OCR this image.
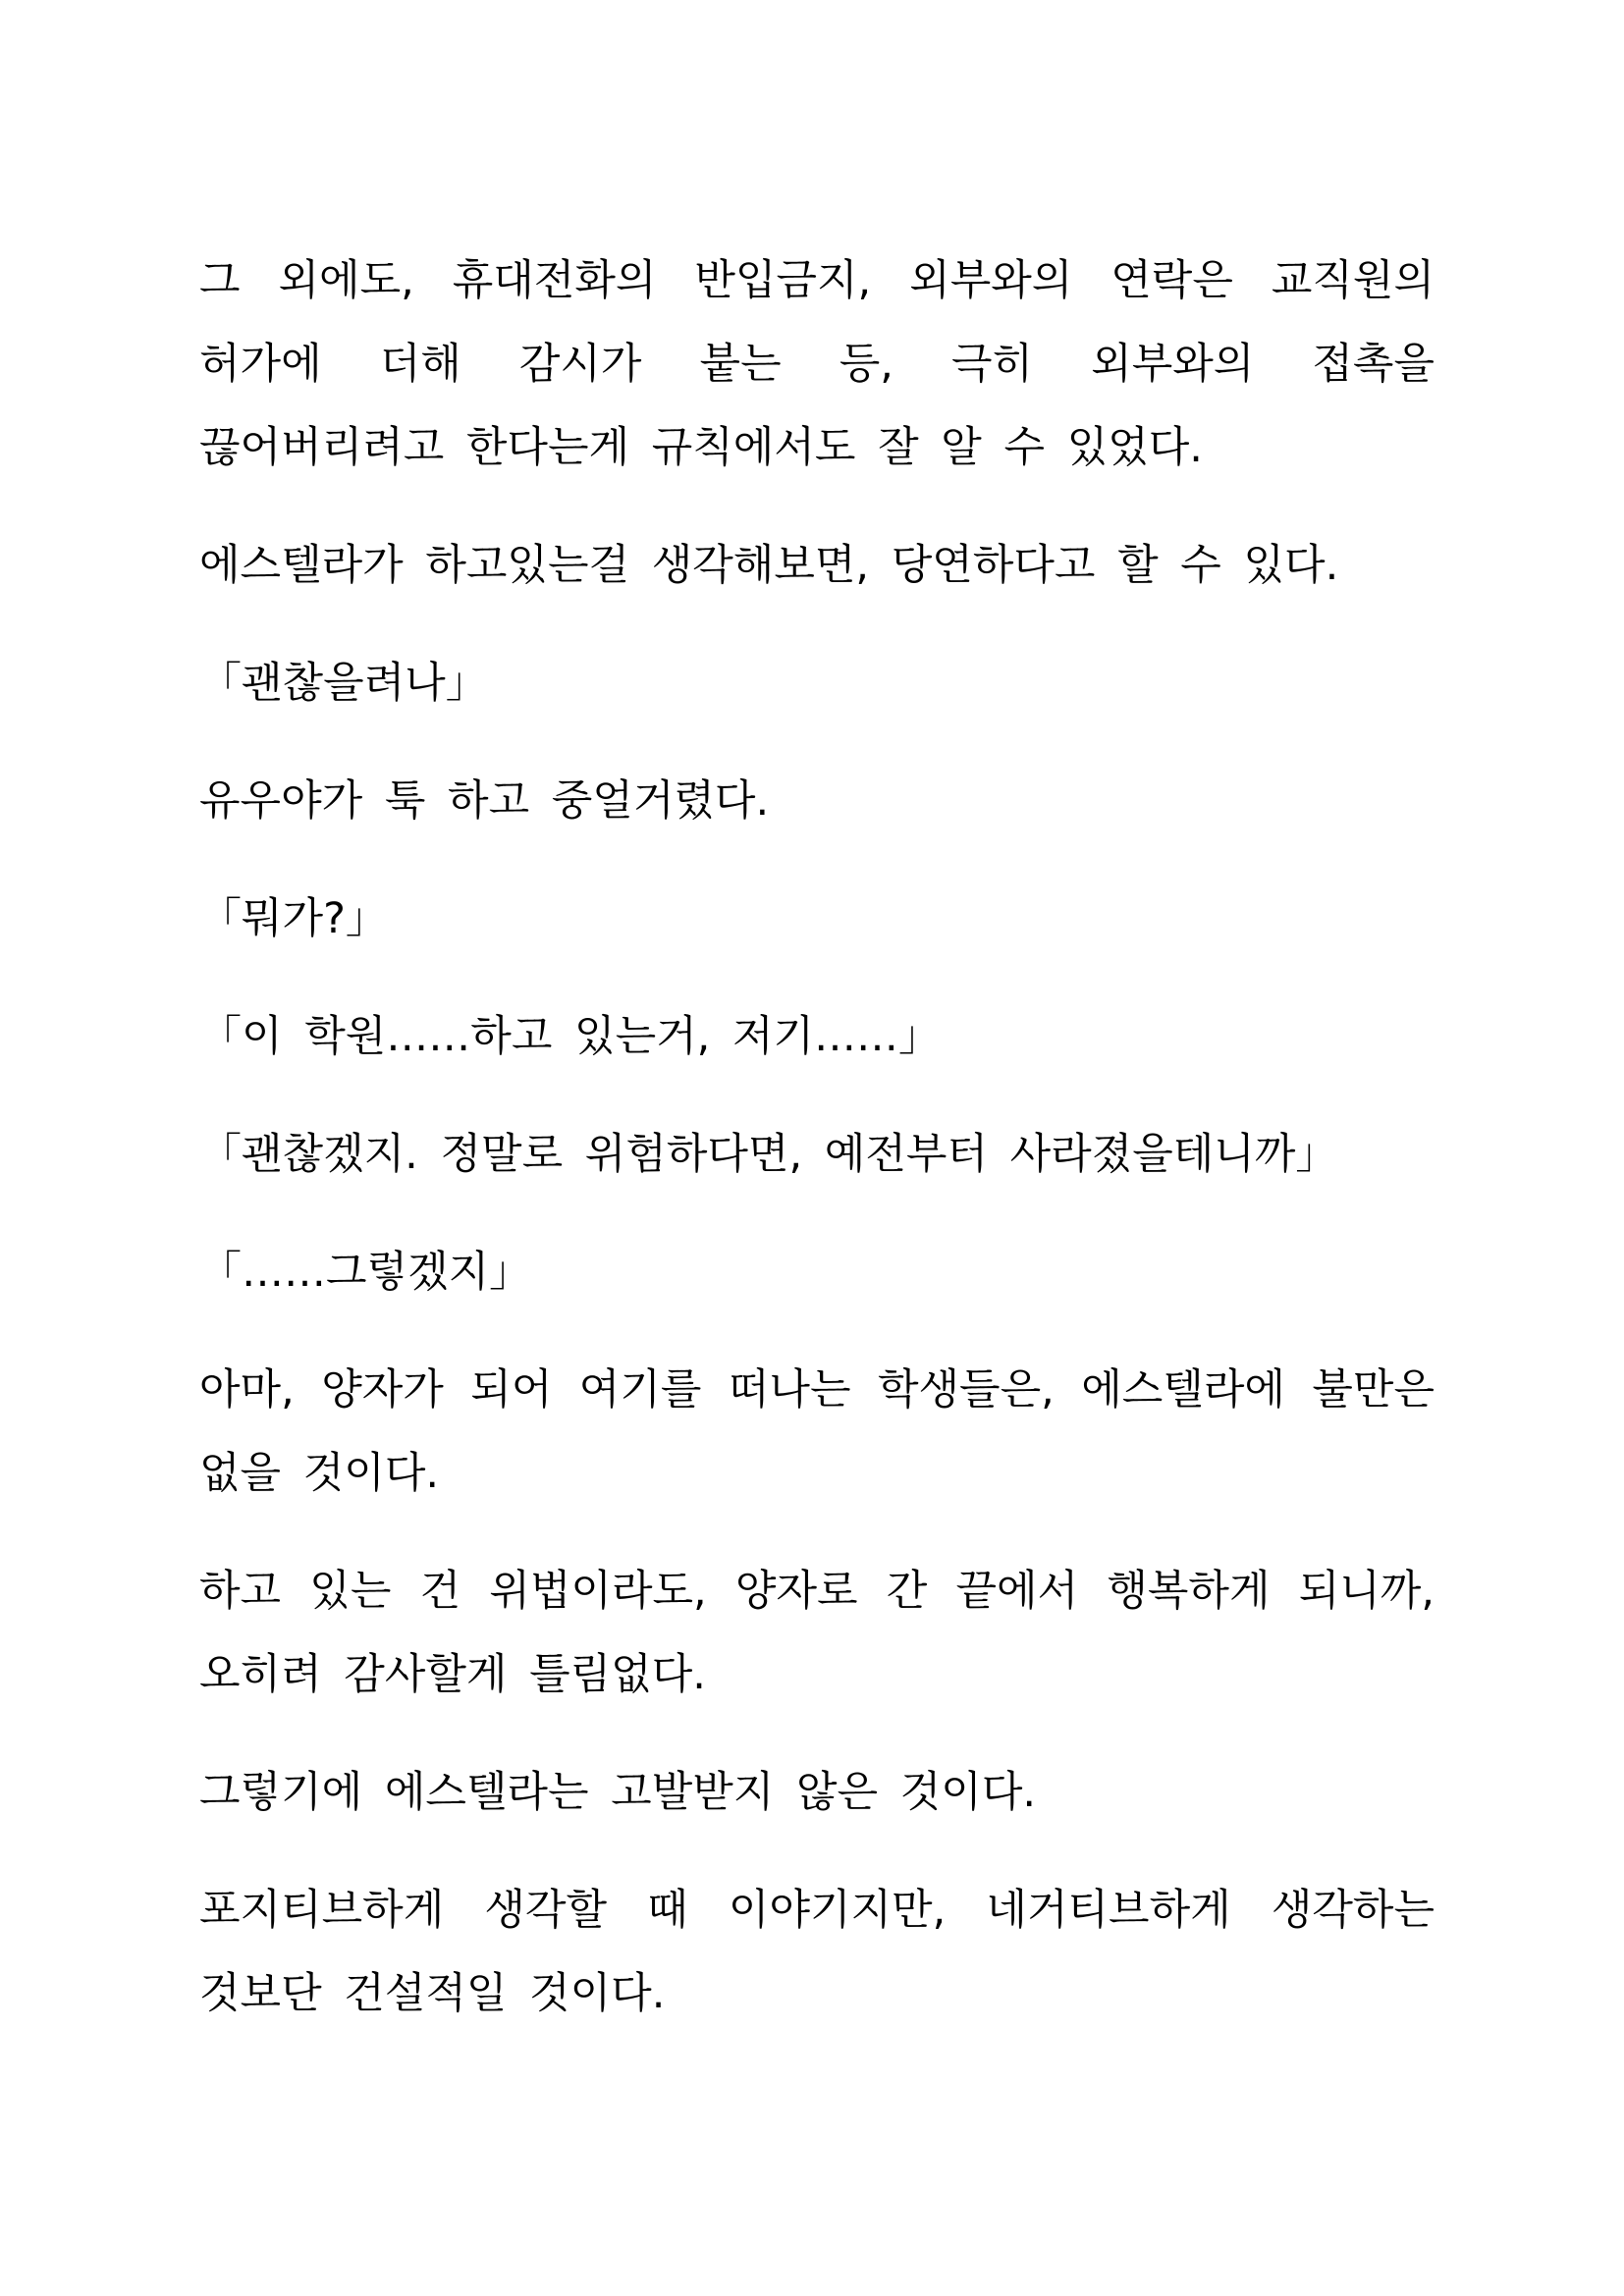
그 외에도, 휴대전화의 반입금지, 외부와의 연락은 교직원의 허가에 더해 감시가 붙는 등, 극히 외부와의 접촉을 끊어버리려고 한다는게 규칙에서도 잘 알 수 있었다.

에스텔라가 하고있는걸 생각해보면, 당연하다고 할 수 있다.

「괜찮을려나」

유우야가 툭 하고 중얼거렸다.

「뭐가?」

「이 학원……하고 있는거, 저기……」

「괜찮겠지. 정말로 위험하다면, 예전부터 사라졌을테니까」

「……그렇겠지」

아마, 양자가 되어 여기를 떠나는 학생들은, 에스텔라에 불만은 없을 것이다.

하고 있는 건 위법이라도, 양자로 간 끝에서 행복하게 되니까, 오히려 감사할게 틀림없다.

그렇기에 에스텔라는 고발받지 않은 것이다.

포지티브하게 생각할 때 이야기지만, 네거티브하게 생각하는 것보단 건설적일 것이다.
